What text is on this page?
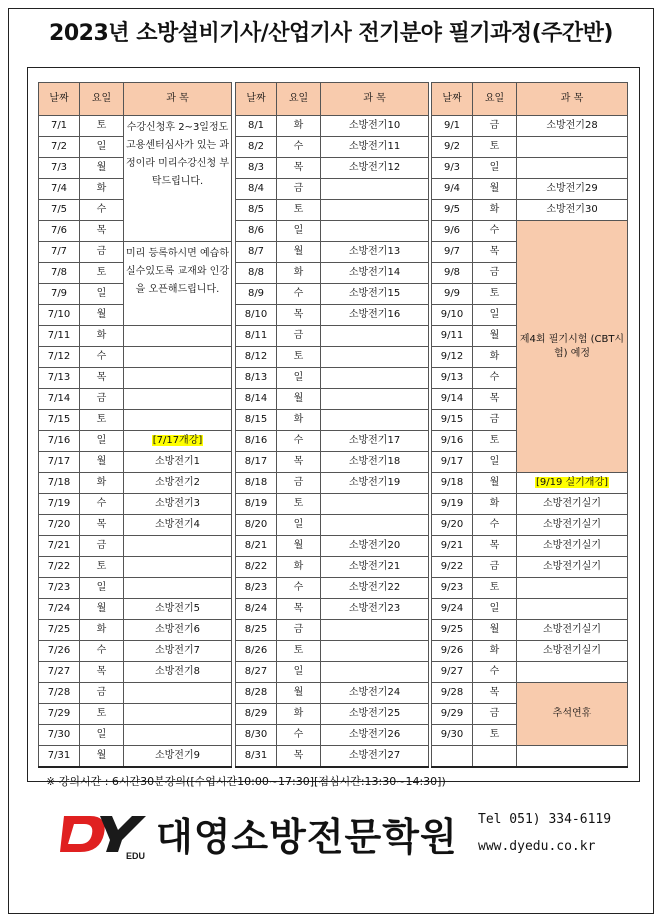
2023년 소방설비기사/산업기사 전기분야 필기과정(주간반)
날짜	요일	과 목
7/1	토	수강신청후 2~3일정도 고용센터심사가 있는 과정이라 미리수강신청 부탁드립니다.
7/2	일	
7/3	월	
7/4	화	
7/5	수	
7/6	목	
7/7	금	미리 등록하시면 예습하실수있도록 교재와 인강을 오픈해드립니다.
7/8	토	
7/9	일	
7/10	월	
7/11	화	
7/12	수	
7/13	목	
7/14	금	
7/15	토	
7/16	일	[7/17개강]
7/17	월	소방전기1
7/18	화	소방전기2
7/19	수	소방전기3
7/20	목	소방전기4
7/21	금	
7/22	토	
7/23	일	
7/24	월	소방전기5
7/25	화	소방전기6
7/26	수	소방전기7
7/27	목	소방전기8
7/28	금	
7/29	토	
7/30	일	
7/31	월	소방전기9
날짜	요일	과 목
8/1	화	소방전기10
8/2	수	소방전기11
8/3	목	소방전기12
8/4	금	
8/5	토	
8/6	일	
8/7	월	소방전기13
8/8	화	소방전기14
8/9	수	소방전기15
8/10	목	소방전기16
8/11	금	
8/12	토	
8/13	일	
8/14	월	
8/15	화	
8/16	수	소방전기17
8/17	목	소방전기18
8/18	금	소방전기19
8/19	토	
8/20	일	
8/21	월	소방전기20
8/22	화	소방전기21
8/23	수	소방전기22
8/24	목	소방전기23
8/25	금	
8/26	토	
8/27	일	
8/28	월	소방전기24
8/29	화	소방전기25
8/30	수	소방전기26
8/31	목	소방전기27
날짜	요일	과 목
9/1	금	소방전기28
9/2	토	
9/3	일	
9/4	월	소방전기29
9/5	화	소방전기30
9/6	수	제4회 필기시험 (CBT시험) 예정
9/7	목	
9/8	금	
9/9	토	
9/10	일	
9/11	월	
9/12	화	
9/13	수	
9/14	목	
9/15	금	
9/16	토	
9/17	일	
9/18	월	[9/19 실기개강]
9/19	화	소방전기실기
9/20	수	소방전기실기
9/21	목	소방전기실기
9/22	금	소방전기실기
9/23	토	
9/24	일	
9/25	월	소방전기실기
9/26	화	소방전기실기
9/27	수	
9/28	목	추석연휴
9/29	금	
9/30	토	

※ 강의시간 : 6시간30분강의([수업시간10:00~17:30][점심시간:13:30~14:30])
EDU 대영소방전문학원 Tel 051) 334-6119
www.dyedu.co.kr
